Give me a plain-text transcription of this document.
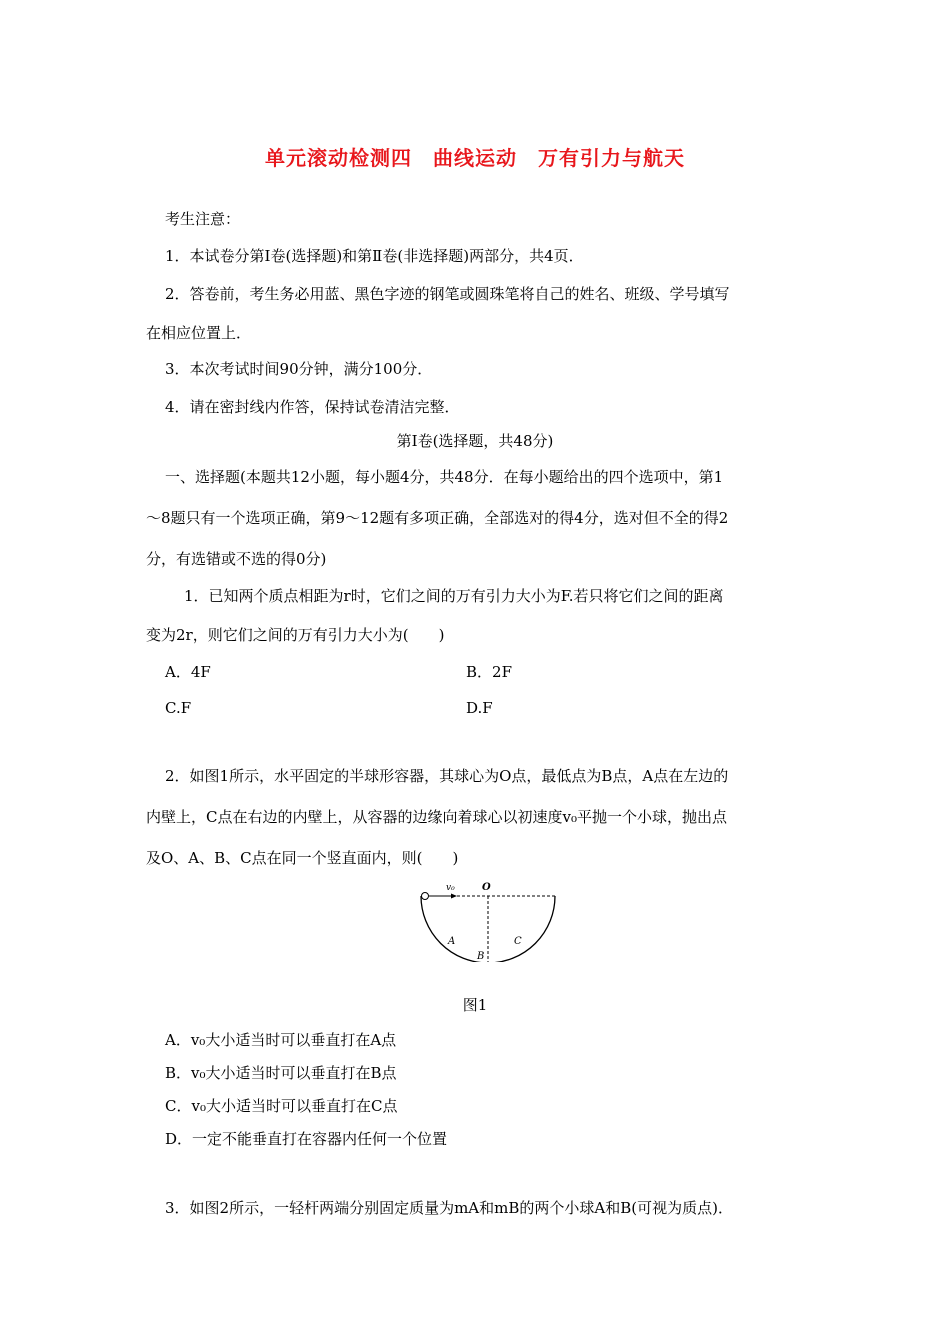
单元滚动检测四　曲线运动　万有引力与航天
考生注意：
1．本试卷分第Ⅰ卷(选择题)和第Ⅱ卷(非选择题)两部分，共4页．
2．答卷前，考生务必用蓝、黑色字迹的钢笔或圆珠笔将自己的姓名、班级、学号填写
在相应位置上．
3．本次考试时间90分钟，满分100分．
4．请在密封线内作答，保持试卷清洁完整．
第Ⅰ卷(选择题，共48分)
一、选择题(本题共12小题，每小题4分，共48分．在每小题给出的四个选项中，第1
～8题只有一个选项正确，第9～12题有多项正确，全部选对的得4分，选对但不全的得2
分，有选错或不选的得0分)
1．已知两个质点相距为r时，它们之间的万有引力大小为F.若只将它们之间的距离
变为2r，则它们之间的万有引力大小为(　　)
A．4F	B．2F
C.F	D.F
2．如图1所示，水平固定的半球形容器，其球心为O点，最低点为B点，A点在左边的
内壁上，C点在右边的内壁上，从容器的边缘向着球心以初速度v₀平抛一个小球，抛出点
及O、A、B、C点在同一个竖直面内，则(　　)
v₀	O
A
B
C
图1
A．v₀大小适当时可以垂直打在A点
B．v₀大小适当时可以垂直打在B点
C．v₀大小适当时可以垂直打在C点
D．一定不能垂直打在容器内任何一个位置
3．如图2所示，一轻杆两端分别固定质量为mA和mB的两个小球A和B(可视为质点)．
